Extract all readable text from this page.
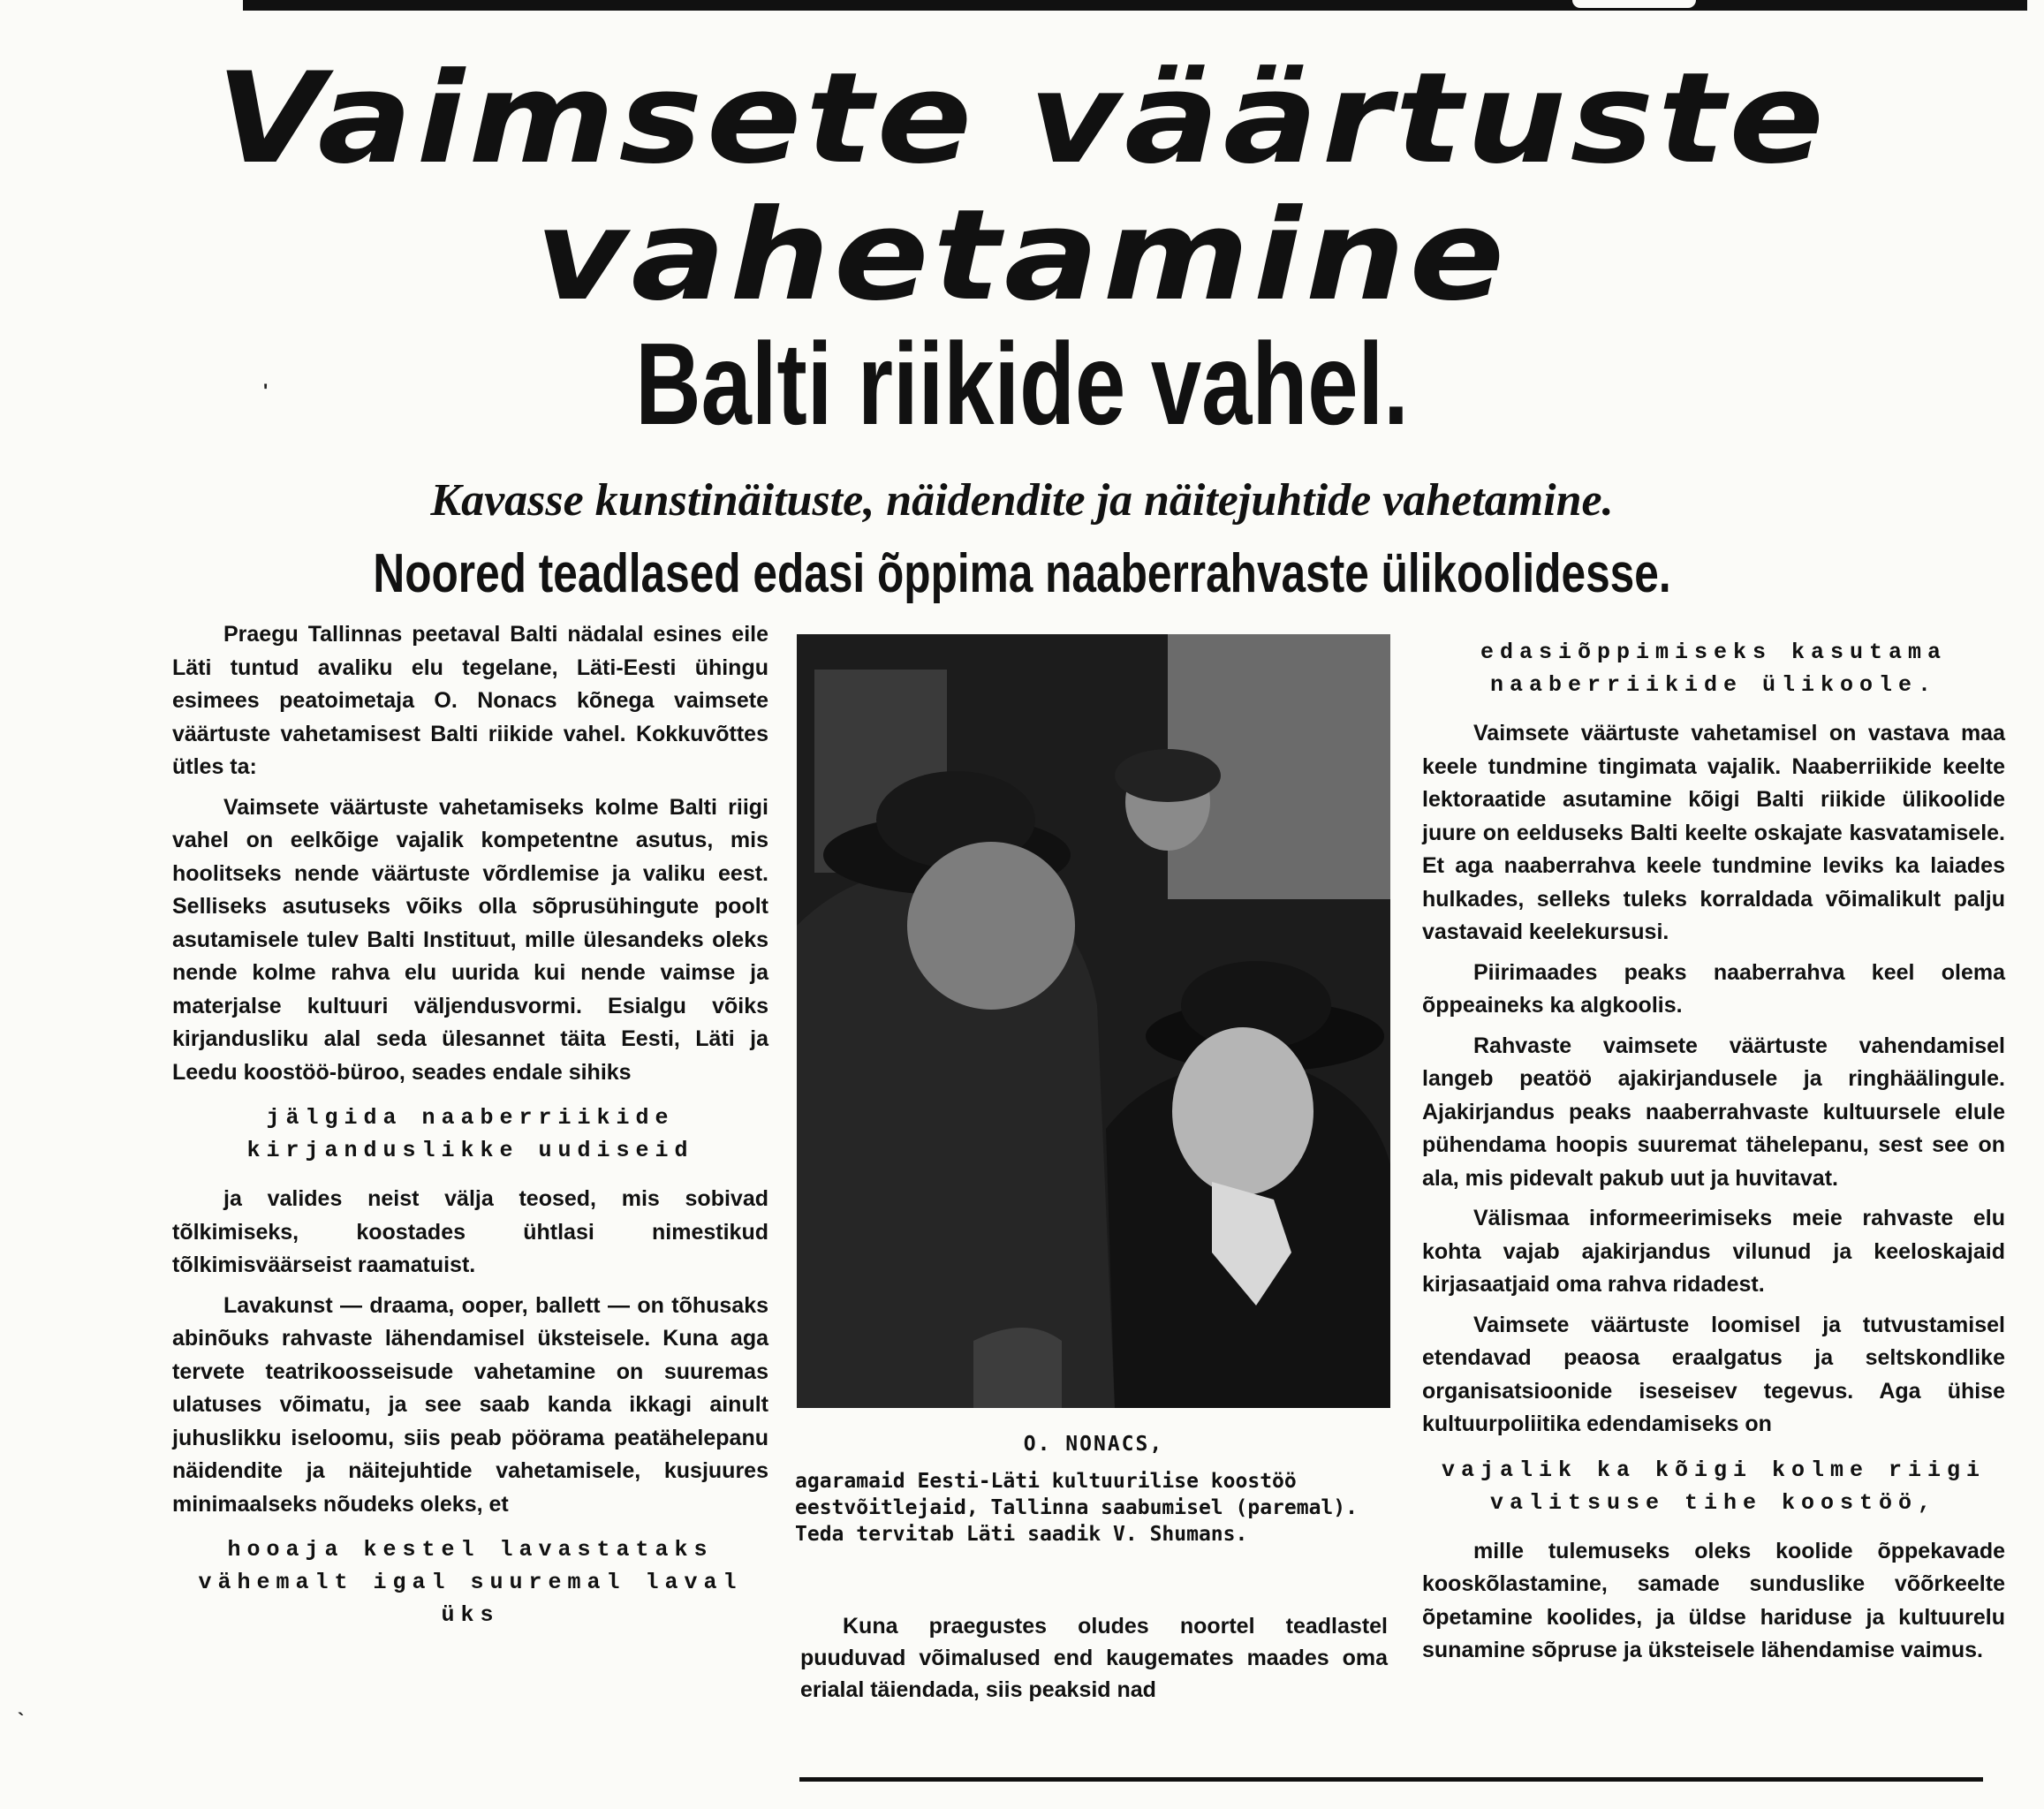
Vaimsete väärtuste
vahetamine
Balti riikide vahel.
Kavasse kunstinäituste, näidendite ja näitejuhtide vahetamine.
Noored teadlased edasi õppima naaberrahvaste ülikoolidesse.
'
`

Praegu Tallinnas peetaval Balti nädalal esines eile Läti tuntud avaliku elu tegelane, Läti-Eesti ühingu esimees peatoimetaja O. Nonacs kõnega vaimsete väärtuste vahetamisest Balti riikide vahel. Kokkuvõttes ütles ta:

Vaimsete väärtuste vahetamiseks kolme Balti riigi vahel on eelkõige vajalik kompetentne asutus, mis hoolitseks nende väärtuste võrdlemise ja valiku eest. Selliseks asutuseks võiks olla sõprusühingute poolt asutamisele tulev Balti Instituut, mille ülesandeks oleks nende kolme rahva elu uurida kui nende vaimse ja materjalse kultuuri väljendusvormi. Esialgu võiks kirjandusliku alal seda ülesannet täita Eesti, Läti ja Leedu koostöö-büroo, seades endale sihiks

jälgida naaberriikide kirjanduslikke uudiseid

ja valides neist välja teosed, mis sobivad tõlkimiseks, koostades ühtlasi nimestikud tõlkimisväärseist raamatuist.

Lavakunst — draama, ooper, ballett — on tõhusaks abinõuks rahvaste lähendamisel üksteisele. Kuna aga tervete teatrikoosseisude vahetamine on suuremas ulatuses võimatu, ja see saab kanda ikkagi ainult juhuslikku iseloomu, siis peab pöörama peatähelepanu näidendite ja näitejuhtide vahetamisele, kusjuures minimaalseks nõudeks oleks, et

hooaja kestel lavastataks vähemalt igal suuremal laval üks

O. NONACS,
agaramaid Eesti-Läti kultuurilise koostöö eestvõitlejaid, Tallinna saabumisel (paremal). Teda tervitab Läti saadik V. Shumans.

Kuna praegustes oludes noortel teadlastel puuduvad võimalused end kaugemates maades oma erialal täiendada, siis peaksid nad

edasiõppimiseks kasutama naaberriikide ülikoole.

Vaimsete väärtuste vahetamisel on vastava maa keele tundmine tingimata vajalik. Naaberriikide keelte lektoraatide asutamine kõigi Balti riikide ülikoolide juure on eelduseks Balti keelte oskajate kasvatamisele. Et aga naaberrahva keele tundmine leviks ka laiades hulkades, selleks tuleks korraldada võimalikult palju vastavaid keelekursusi.

Piirimaades peaks naaberrahva keel olema õppeaineks ka algkoolis.

Rahvaste vaimsete väärtuste vahendamisel langeb peatöö ajakirjandusele ja ringhäälingule. Ajakirjandus peaks naaberrahvaste kultuursele elule pühendama hoopis suuremat tähelepanu, sest see on ala, mis pidevalt pakub uut ja huvitavat.

Välismaa informeerimiseks meie rahvaste elu kohta vajab ajakirjandus vilunud ja keeloskajaid kirjasaatjaid oma rahva ridadest.

Vaimsete väärtuste loomisel ja tutvustamisel etendavad peaosa eraalgatus ja seltskondlike organisatsioonide iseseisev tegevus. Aga ühise kultuurpoliitika edendamiseks on

vajalik ka kõigi kolme riigi valitsuse tihe koostöö,

mille tulemuseks oleks koolide õppekavade kooskõlastamine, samade sunduslike võõrkeelte õpetamine koolides, ja üldse hariduse ja kultuurelu sunamine sõpruse ja üksteisele lähendamise vaimus.
